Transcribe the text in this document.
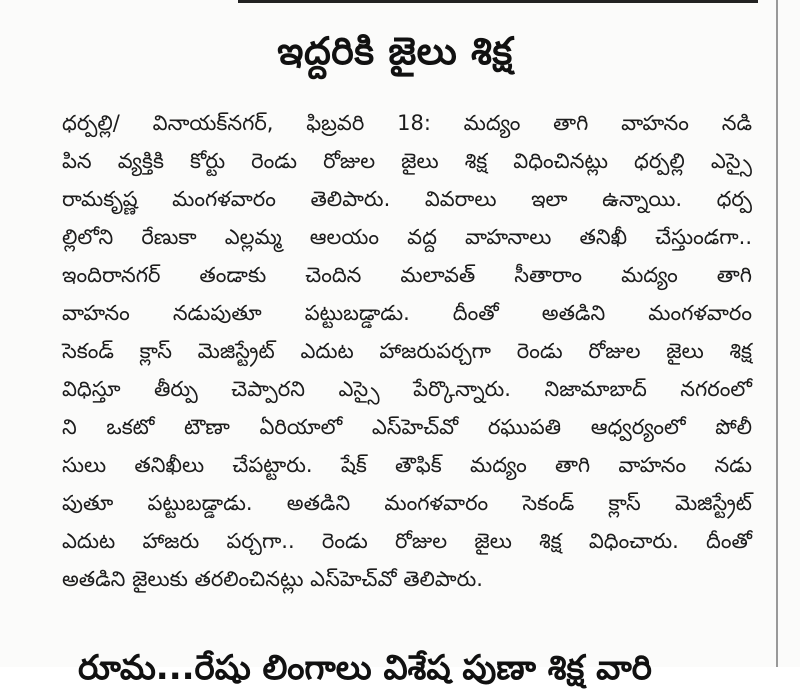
ఇద్దరికి జైలు శిక్ష
ధర్పల్లి/ వినాయక్‌నగర్, ఫిబ్రవరి 18: మద్యం తాగి వాహనం నడి
పిన వ్యక్తికి కోర్టు రెండు రోజుల జైలు శిక్ష విధించినట్లు ధర్పల్లి ఎస్సై
రామకృష్ణ మంగళవారం తెలిపారు. వివరాలు ఇలా ఉన్నాయి. ధర్ప
ల్లిలోని రేణుకా ఎల్లమ్మ ఆలయం వద్ద వాహనాలు తనిఖీ చేస్తుండగా..
ఇందిరానగర్ తండాకు చెందిన మలావత్ సీతారాం మద్యం తాగి
వాహనం నడుపుతూ పట్టుబడ్డాడు. దీంతో అతడిని మంగళవారం
సెకండ్ క్లాస్ మెజిస్ట్రేట్ ఎదుట హాజరుపర్చగా రెండు రోజుల జైలు శిక్ష
విధిస్తూ తీర్పు చెప్పారని ఎస్సై పేర్కొన్నారు. నిజామాబాద్ నగరంలో
ని ఒకటో టౌణా ఏరియాలో ఎస్‌హెచ్‌వో రఘుపతి ఆధ్వర్యంలో పోలీ
సులు తనిఖీలు చేపట్టారు. షేక్ తౌఫిక్ మద్యం తాగి వాహనం నడు
పుతూ పట్టుబడ్డాడు. అతడిని మంగళవారం సెకండ్ క్లాస్ మెజిస్ట్రేట్
ఎదుట హాజరు పర్చగా.. రెండు రోజుల జైలు శిక్ష విధించారు. దీంతో
అతడిని జైలుకు తరలించినట్లు ఎస్‌హెచ్‌వో తెలిపారు.
రూమ...రేషు లింగాలు విశేష పుణా శిక్ష వారి
